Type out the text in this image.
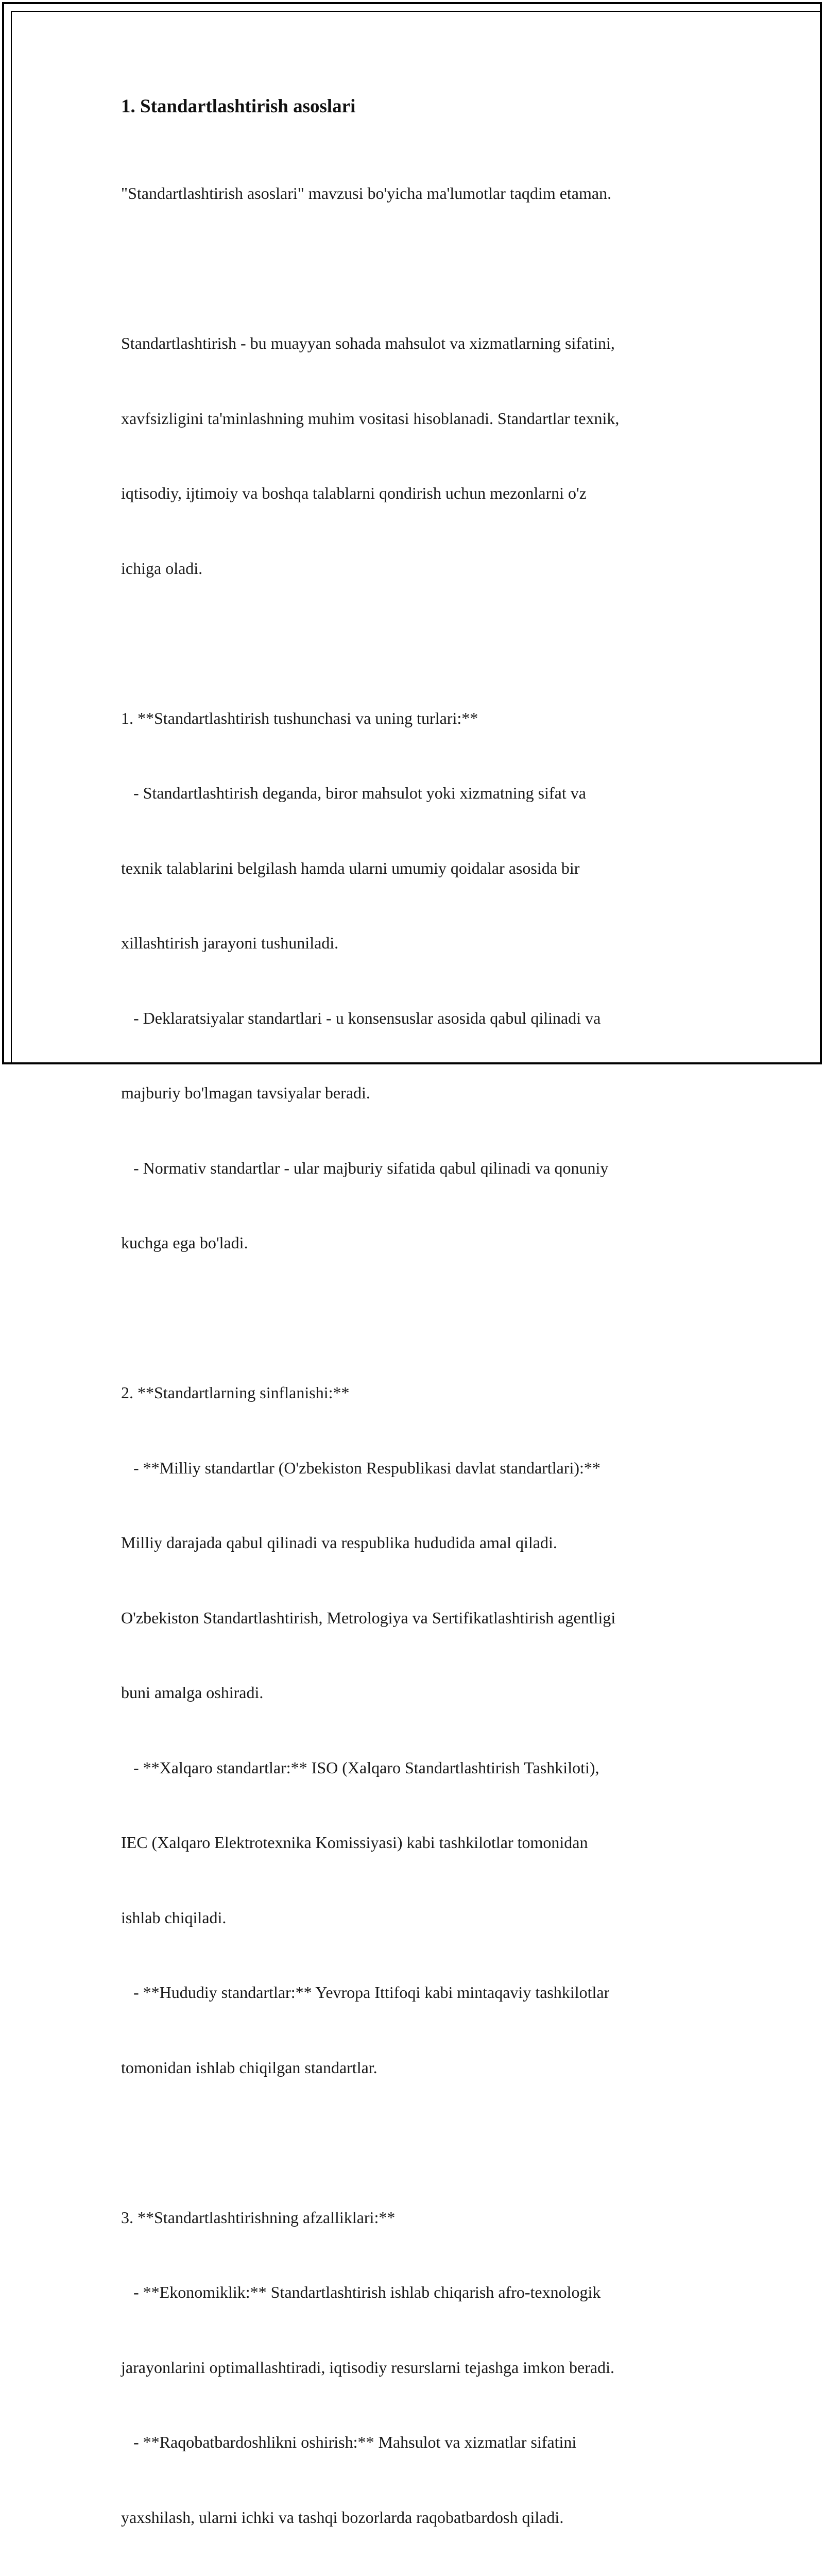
1. Standartlashtirish asoslari

"Standartlashtirish asoslari" mavzusi bo'yicha ma'lumotlar taqdim etaman.

Standartlashtirish - bu muayyan sohada mahsulot va xizmatlarning sifatini,

xavfsizligini ta'minlashning muhim vositasi hisoblanadi. Standartlar texnik,

iqtisodiy, ijtimoiy va boshqa talablarni qondirish uchun mezonlarni o'z

ichiga oladi.

1. **Standartlashtirish tushunchasi va uning turlari:**

- Standartlashtirish deganda, biror mahsulot yoki xizmatning sifat va

texnik talablarini belgilash hamda ularni umumiy qoidalar asosida bir

xillashtirish jarayoni tushuniladi.

- Deklaratsiyalar standartlari - u konsensuslar asosida qabul qilinadi va

majburiy bo'lmagan tavsiyalar beradi.

- Normativ standartlar - ular majburiy sifatida qabul qilinadi va qonuniy

kuchga ega bo'ladi.

2. **Standartlarning sinflanishi:**

- **Milliy standartlar (O'zbekiston Respublikasi davlat standartlari):**

Milliy darajada qabul qilinadi va respublika hududida amal qiladi.

O'zbekiston Standartlashtirish, Metrologiya va Sertifikatlashtirish agentligi

buni amalga oshiradi.

- **Xalqaro standartlar:** ISO (Xalqaro Standartlashtirish Tashkiloti),

IEC (Xalqaro Elektrotexnika Komissiyasi) kabi tashkilotlar tomonidan

ishlab chiqiladi.

- **Hududiy standartlar:** Yevropa Ittifoqi kabi mintaqaviy tashkilotlar

tomonidan ishlab chiqilgan standartlar.

3. **Standartlashtirishning afzalliklari:**

- **Ekonomiklik:** Standartlashtirish ishlab chiqarish afro-texnologik

jarayonlarini optimallashtiradi, iqtisodiy resurslarni tejashga imkon beradi.

- **Raqobatbardoshlikni oshirish:** Mahsulot va xizmatlar sifatini

yaxshilash, ularni ichki va tashqi bozorlarda raqobatbardosh qiladi.
